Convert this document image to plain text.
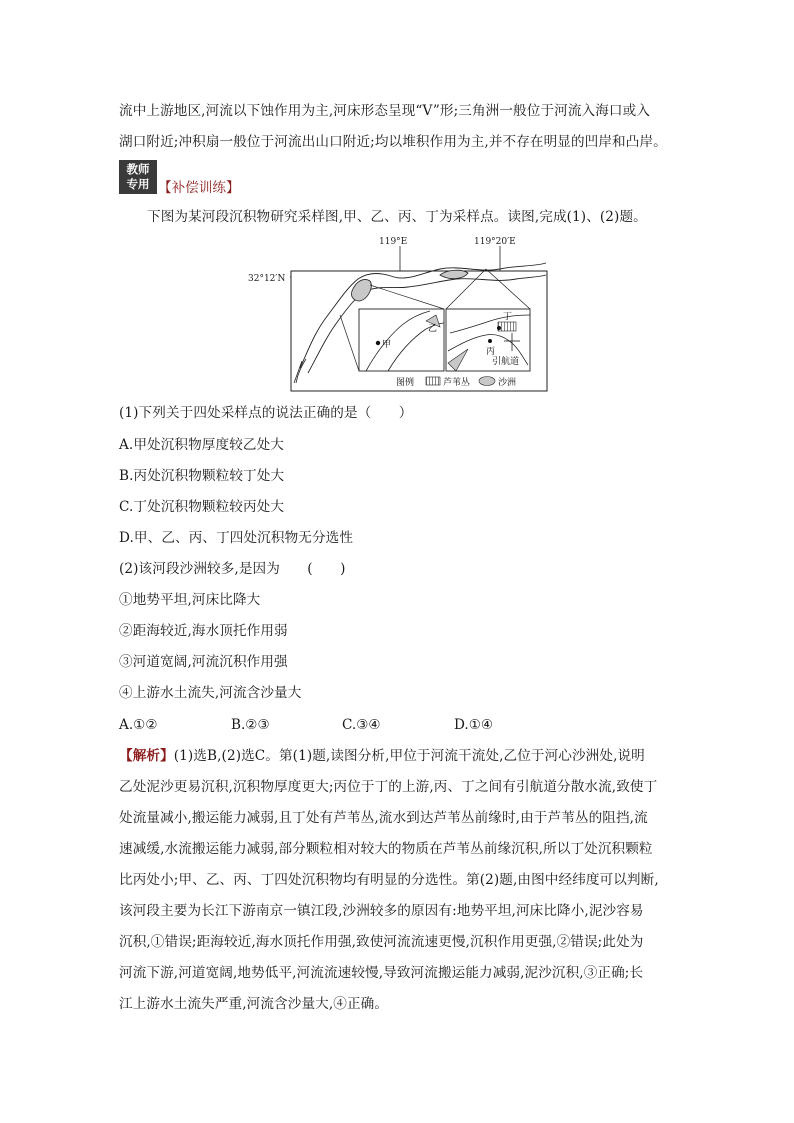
流中上游地区,河流以下蚀作用为主,河床形态呈现“V”形;三角洲一般位于河流入海口或入
湖口附近;冲积扇一般位于河流出山口附近;均以堆积作用为主,并不存在明显的凹岸和凸岸。
教师
专用 【补偿训练】
下图为某河段沉积物研究采样图,甲、乙、丙、丁为采样点。读图,完成(1)、(2)题。
119°E	119°20′E
32°12′N
甲
乙
丁
丙
引航道
图例	芦苇丛	沙洲
(1)下列关于四处采样点的说法正确的是（　　）
A.甲处沉积物厚度较乙处大
B.丙处沉积物颗粒较丁处大
C.丁处沉积物颗粒较丙处大
D.甲、乙、丙、丁四处沉积物无分选性
(2)该河段沙洲较多,是因为　　(　　)
①地势平坦,河床比降大
②距海较近,海水顶托作用弱
③河道宽阔,河流沉积作用强
④上游水土流失,河流含沙量大
A.①②	B.②③	C.③④	D.①④
【解析】(1)选B,(2)选C。第(1)题,读图分析,甲位于河流干流处,乙位于河心沙洲处,说明
乙处泥沙更易沉积,沉积物厚度更大;丙位于丁的上游,丙、丁之间有引航道分散水流,致使丁
处流量减小,搬运能力减弱,且丁处有芦苇丛,流水到达芦苇丛前缘时,由于芦苇丛的阻挡,流
速减缓,水流搬运能力减弱,部分颗粒相对较大的物质在芦苇丛前缘沉积,所以丁处沉积颗粒
比丙处小;甲、乙、丙、丁四处沉积物均有明显的分选性。第(2)题,由图中经纬度可以判断,
该河段主要为长江下游南京一镇江段,沙洲较多的原因有:地势平坦,河床比降小,泥沙容易
沉积,①错误;距海较近,海水顶托作用强,致使河流流速更慢,沉积作用更强,②错误;此处为
河流下游,河道宽阔,地势低平,河流流速较慢,导致河流搬运能力减弱,泥沙沉积,③正确;长
江上游水土流失严重,河流含沙量大,④正确。
